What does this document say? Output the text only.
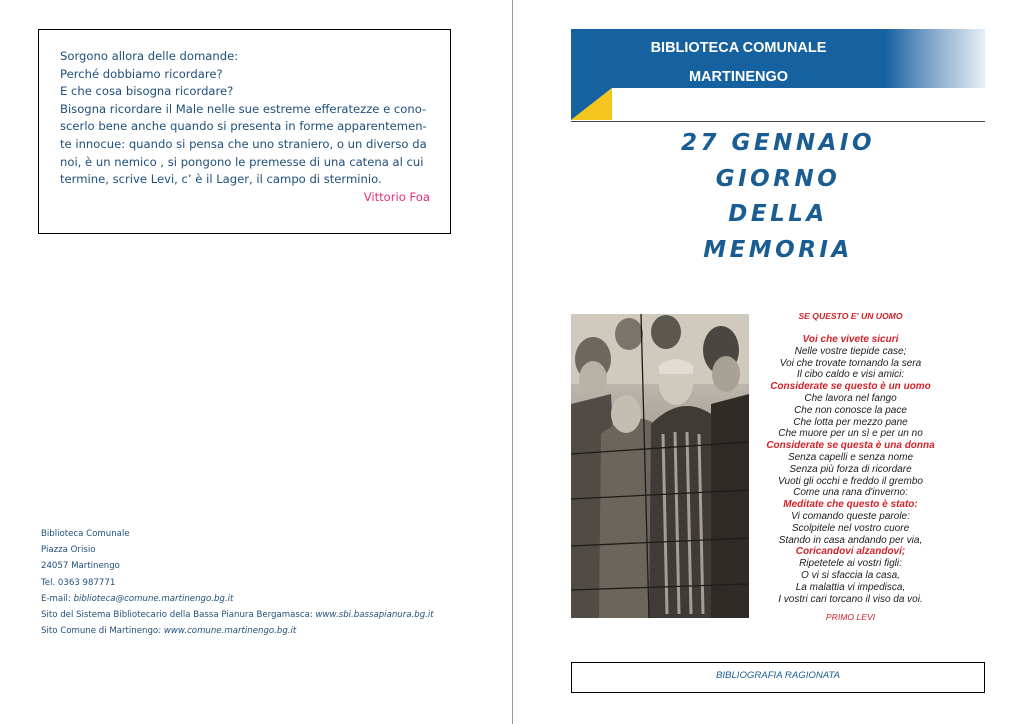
Sorgono allora delle domande:
Perché dobbiamo ricordare?
E che cosa bisogna ricordare?
Bisogna ricordare il Male nelle sue estreme efferatezze e cono-
scerlo bene anche quando si presenta in forme apparentemen-
te innocue: quando si pensa che uno straniero, o un diverso da
noi, è un nemico , si pongono le premesse di una catena al cui
termine, scrive Levi, c’ è il Lager, il campo di sterminio.
Vittorio Foa
Biblioteca Comunale
Piazza Orisio
24057 Martinengo
Tel. 0363 987771
E-mail: biblioteca@comune.martinengo.bg.it
Sito del Sistema Bibliotecario della Bassa Pianura Bergamasca: www.sbi.bassapianura.bg.it
Sito Comune di Martinengo: www.comune.martinengo.bg.it
BIBLIOTECA COMUNALE
MARTINENGO
27 GENNAIO
GIORNO
DELLA
MEMORIA
SE QUESTO E' UN UOMO
Voi che vivete sicuri
Nelle vostre tiepide case;
Voi che trovate tornando la sera
Il cibo caldo e visi amici:
Considerate se questo è un uomo
Che lavora nel fango
Che non conosce la pace
Che lotta per mezzo pane
Che muore per un sì e per un no
Considerate se questa è una donna
Senza capelli e senza nome
Senza più forza di ricordare
Vuoti gli occhi e freddo il grembo
Come una rana d'inverno:
Meditate che questo è stato:
Vi comando queste parole:
Scolpitele nel vostro cuore
Stando in casa andando per via,
Coricandovi alzandovi;
Ripetetele ai vostri figli:
O vi si sfaccia la casa,
La malattia vi impedisca,
I vostri cari torcano il viso da voi.
PRIMO LEVI
BIBLIOGRAFIA RAGIONATA
